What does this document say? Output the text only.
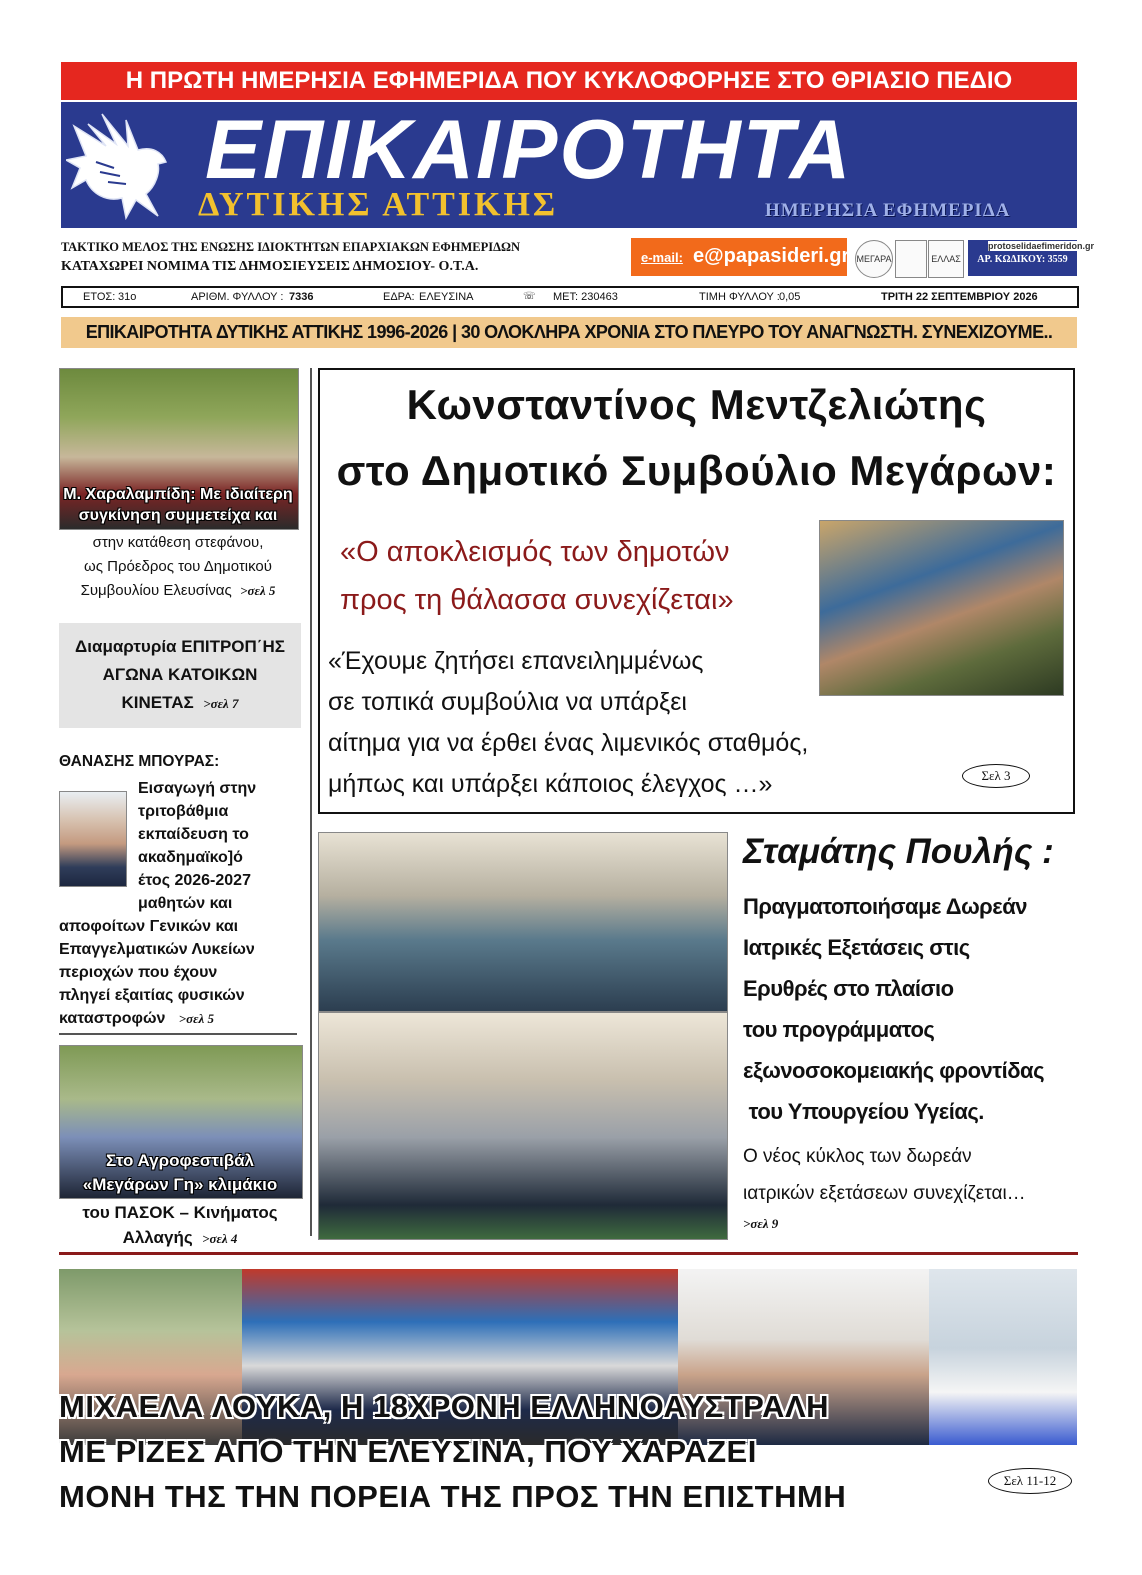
Η ΠΡΩΤΗ ΗΜΕΡΗΣΙΑ ΕΦΗΜΕΡΙΔΑ ΠΟΥ ΚΥΚΛΟΦΟΡΗΣΕ ΣΤΟ ΘΡΙΑΣΙΟ ΠΕΔΙΟ
ΕΠΙΚΑΙΡΟΤΗΤΑ
ΔΥΤΙΚΗΣ ΑΤΤΙΚΗΣ	ΗΜΕΡΗΣΙΑ ΕΦΗΜΕΡΙΔΑ
ΤΑΚΤΙΚΟ ΜΕΛΟΣ ΤΗΣ ΕΝΩΣΗΣ ΙΔΙΟΚΤΗΤΩΝ ΕΠΑΡΧΙΑΚΩΝ ΕΦΗΜΕΡΙΔΩΝ
ΚΑΤΑΧΩΡΕΙ ΝΟΜΙΜΑ ΤΙΣ ΔΗΜΟΣΙΕΥΣΕΙΣ ΔΗΜΟΣΙΟΥ- Ο.Τ.Α.
e-mail: e@papasideri.gr ΜΕΓΑΡΑ	ΕΛΛΑΣ
protoselidaefimeridon.gr
ΑΡ. ΚΩΔΙΚΟΥ: 3559
ΕΤΟΣ: 31ο	ΑΡΙΘΜ. ΦΥΛΛΟΥ : 7336	ΕΔΡΑ: ΕΛΕΥΣΙΝΑ	☏ ΜΕΤ: 230463	ΤΙΜΗ ΦΥΛΛΟΥ : 0,05	ΤΡΙΤΗ 22 ΣΕΠΤΕΜΒΡΙΟΥ 2026
ΕΠΙΚΑΙΡΟΤΗΤΑ ΔΥΤΙΚΗΣ ΑΤΤΙΚΗΣ 1996-2026 | 30 ΟΛΟΚΛΗΡΑ ΧΡΟΝΙΑ ΣΤΟ ΠΛΕΥΡΟ ΤΟΥ ΑΝΑΓΝΩΣΤΗ. ΣΥΝΕΧΙΖΟΥΜΕ..
Μ. Χαραλαμπίδη: Με ιδιαίτερη
συγκίνηση συμμετείχα και
στην κατάθεση στεφάνου,
ως Πρόεδρος του Δημοτικού
Συμβουλίου Ελευσίνας >σελ 5
Διαμαρτυρία ΕΠΙΤΡΟΠ΄ΗΣ
ΑΓΩΝΑ ΚΑΤΟΙΚΩΝ
ΚΙΝΕΤΑΣ >σελ 7
ΘΑΝΑΣΗΣ ΜΠΟΥΡΑΣ:
Εισαγωγή στην
τριτοβάθμια
εκπαίδευση το
ακαδημαϊκο]ό
έτος 2026-2027
μαθητών και
αποφοίτων Γενικών και
Επαγγελματικών Λυκείων
περιοχών που έχουν
πληγεί εξαιτίας φυσικών
καταστροφών >σελ 5
Στο Αγροφεστιβάλ
«Μεγάρων Γη» κλιμάκιο
του ΠΑΣΟΚ – Κινήματος
Αλλαγής >σελ 4
Κωνσταντίνος Μεντζελιώτης
στο Δημοτικό Συμβούλιο Μεγάρων:
«Ο αποκλεισμός των δημοτών
προς τη θάλασσα συνεχίζεται»
«Έχουμε ζητήσει επανειλημμένως
σε τοπικά συμβούλια να υπάρξει
αίτημα για να έρθει ένας λιμενικός σταθμός,
μήπως και υπάρξει κάποιος έλεγχος …»	Σελ 3
Σταμάτης Πουλής :
Πραγματοποιήσαμε Δωρεάν
Ιατρικές Εξετάσεις στις
Ερυθρές στο πλαίσιο
του προγράμματος
εξωνοσοκομειακής φροντίδας
του Υπουργείου Υγείας.
Ο νέος κύκλος των δωρεάν
ιατρικών εξετάσεων συνεχίζεται…
>σελ 9
ΜΙΧΑΕΛΑ ΛΟΥΚΑ, Η 18ΧΡΟΝΗ ΕΛΛΗΝΟΑΥΣΤΡΑΛΗ
ΜΕ ΡΙΖΕΣ ΑΠΟ ΤΗΝ ΕΛΕΥΣΙΝΑ, ΠΟΥ ΧΑΡΑΖΕΙ
ΜΟΝΗ ΤΗΣ ΤΗΝ ΠΟΡΕΙΑ ΤΗΣ ΠΡΟΣ ΤΗΝ ΕΠΙΣΤΗΜΗ	Σελ 11-12
